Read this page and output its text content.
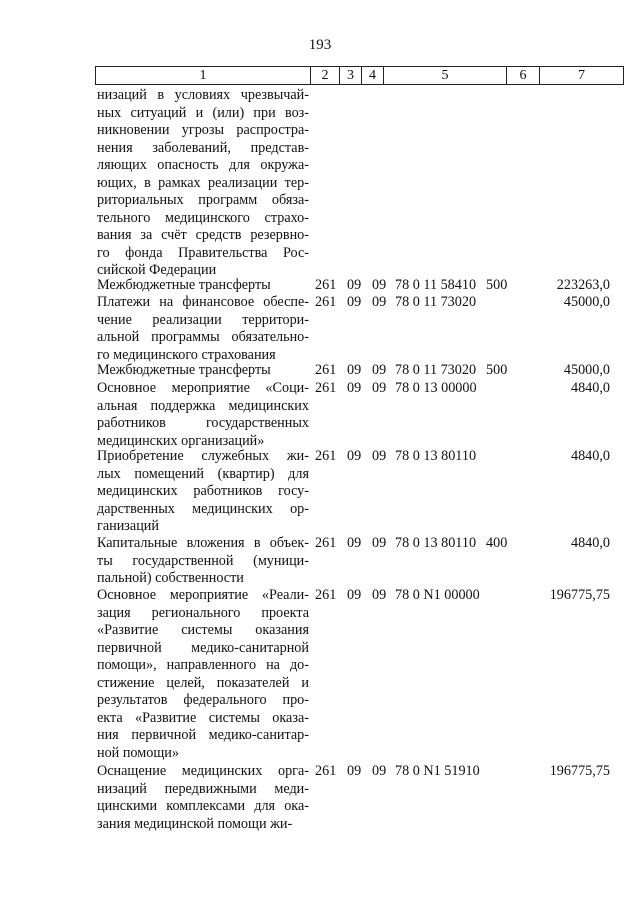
193
1	2	3	4	5	6	7
низаций в условиях чрезвычай-
ных ситуаций и (или) при воз-
никновении угрозы распростра-
нения заболеваний, представ-
ляющих опасность для окружа-
ющих, в рамках реализации тер-
риториальных программ обяза-
тельного медицинского страхо-
вания за счёт средств резервно-
го фонда Правительства Рос-
сийской Федерации
Межбюджетные трансферты	261 09 09 78 0 11 58410 500	223263,0
Платежи на финансовое обеспе-
чение реализации территори-
альной программы обязательно-
го медицинского страхования
261 09 09 78 0 11 73020	45000,0
Межбюджетные трансферты	261 09 09 78 0 11 73020 500	45000,0
Основное мероприятие «Соци-
альная поддержка медицинских
работников государственных
медицинских организаций»
261 09 09 78 0 13 00000	4840,0
Приобретение служебных жи-
лых помещений (квартир) для
медицинских работников госу-
дарственных медицинских ор-
ганизаций
261 09 09 78 0 13 80110	4840,0
Капитальные вложения в объек-
ты государственной (муници-
пальной) собственности
261 09 09 78 0 13 80110 400	4840,0
Основное мероприятие «Реали-
зация регионального проекта
«Развитие системы оказания
первичной медико-санитарной
помощи», направленного на до-
стижение целей, показателей и
результатов федерального про-
екта «Развитие системы оказа-
ния первичной медико-санитар-
ной помощи»
261 09 09 78 0 N1 00000	196775,75
Оснащение медицинских орга-
низаций передвижными меди-
цинскими комплексами для ока-
зания медицинской помощи жи-
261 09 09 78 0 N1 51910	196775,75
